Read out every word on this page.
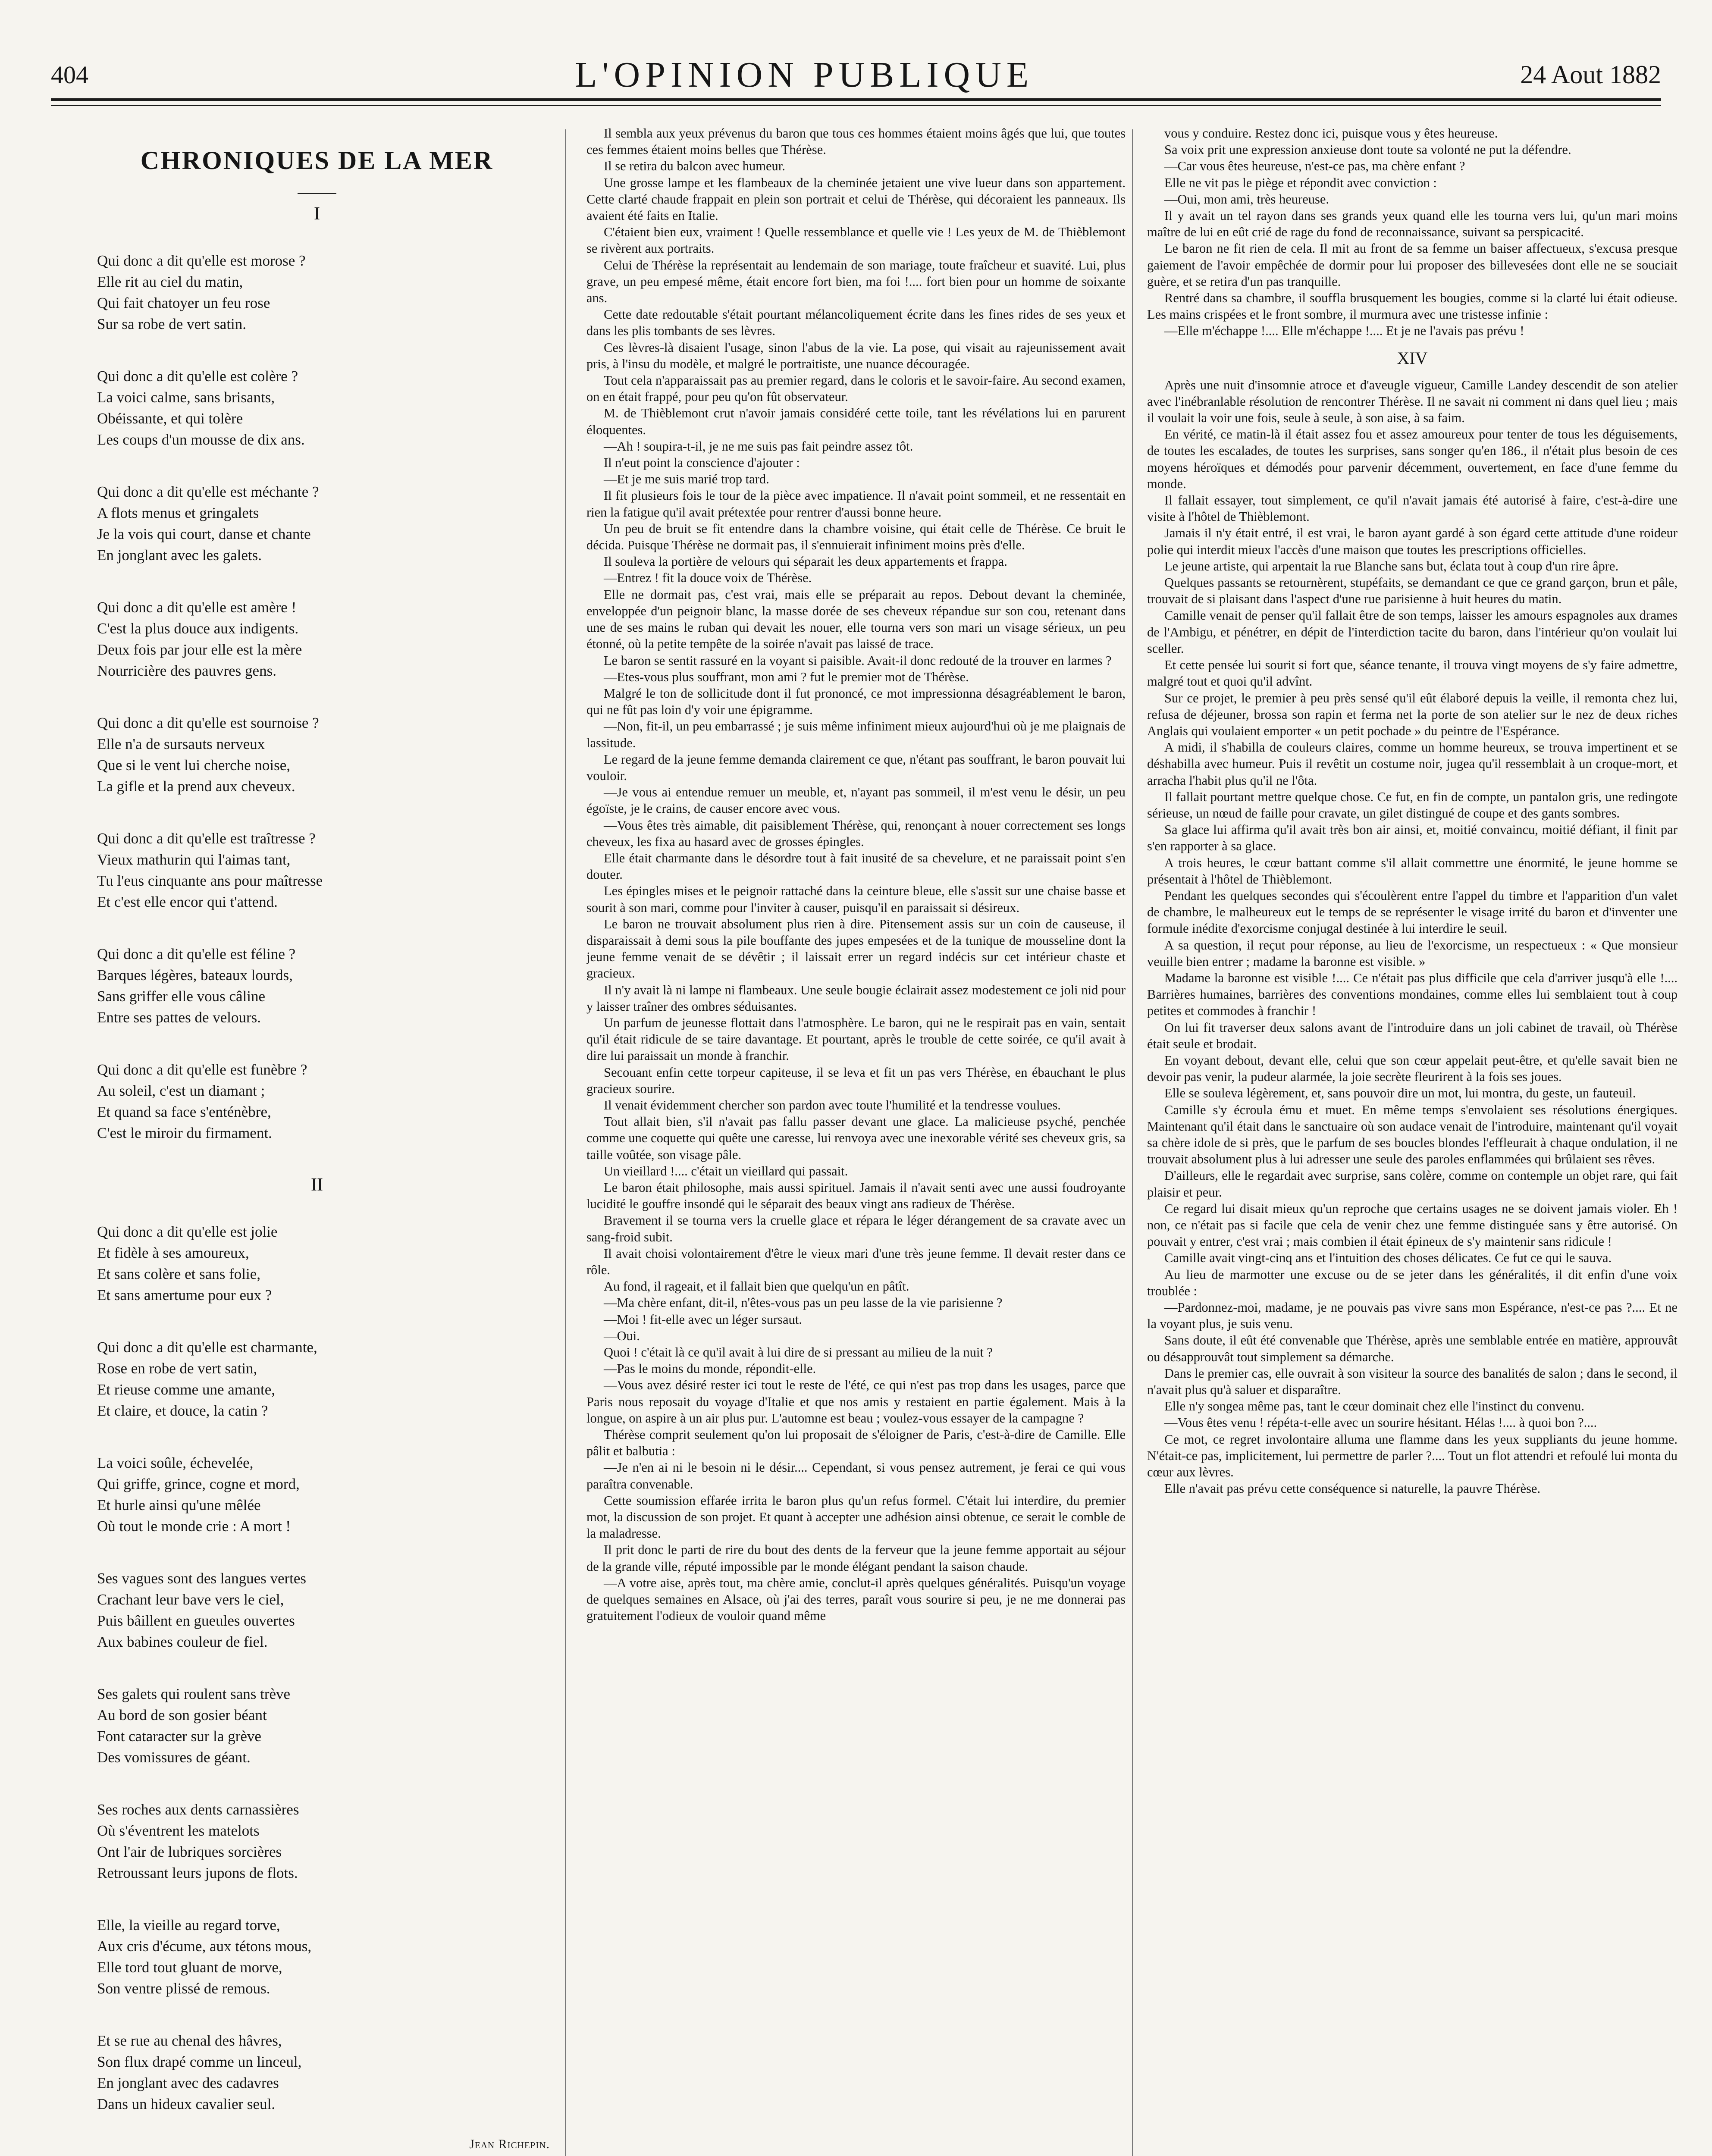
404	L'OPINION PUBLIQUE	24 Aout 1882
CHRONIQUES DE LA MER
I
Qui donc a dit qu'elle est morose ?
Elle rit au ciel du matin,
Qui fait chatoyer un feu rose
Sur sa robe de vert satin.
Qui donc a dit qu'elle est colère ?
La voici calme, sans brisants,
Obéissante, et qui tolère
Les coups d'un mousse de dix ans.
Qui donc a dit qu'elle est méchante ?
A flots menus et gringalets
Je la vois qui court, danse et chante
En jonglant avec les galets.
Qui donc a dit qu'elle est amère !
C'est la plus douce aux indigents.
Deux fois par jour elle est la mère
Nourricière des pauvres gens.
Qui donc a dit qu'elle est sournoise ?
Elle n'a de sursauts nerveux
Que si le vent lui cherche noise,
La gifle et la prend aux cheveux.
Qui donc a dit qu'elle est traîtresse ?
Vieux mathurin qui l'aimas tant,
Tu l'eus cinquante ans pour maîtresse
Et c'est elle encor qui t'attend.
Qui donc a dit qu'elle est féline ?
Barques légères, bateaux lourds,
Sans griffer elle vous câline
Entre ses pattes de velours.
Qui donc a dit qu'elle est funèbre ?
Au soleil, c'est un diamant ;
Et quand sa face s'enténèbre,
C'est le miroir du firmament.
II
Qui donc a dit qu'elle est jolie
Et fidèle à ses amoureux,
Et sans colère et sans folie,
Et sans amertume pour eux ?
Qui donc a dit qu'elle est charmante,
Rose en robe de vert satin,
Et rieuse comme une amante,
Et claire, et douce, la catin ?
La voici soûle, échevelée,
Qui griffe, grince, cogne et mord,
Et hurle ainsi qu'une mêlée
Où tout le monde crie : A mort !
Ses vagues sont des langues vertes
Crachant leur bave vers le ciel,
Puis bâillent en gueules ouvertes
Aux babines couleur de fiel.
Ses galets qui roulent sans trève
Au bord de son gosier béant
Font cataracter sur la grève
Des vomissures de géant.
Ses roches aux dents carnassières
Où s'éventrent les matelots
Ont l'air de lubriques sorcières
Retroussant leurs jupons de flots.
Elle, la vieille au regard torve,
Aux cris d'écume, aux tétons mous,
Elle tord tout gluant de morve,
Son ventre plissé de remous.
Et se rue au chenal des hâvres,
Son flux drapé comme un linceul,
En jonglant avec des cadavres
Dans un hideux cavalier seul.
Jean Richepin.

Il sembla aux yeux prévenus du baron que tous ces hommes étaient moins âgés que lui, que toutes ces femmes étaient moins belles que Thérèse.

Il se retira du balcon avec humeur.

Une grosse lampe et les flambeaux de la cheminée jetaient une vive lueur dans son appartement. Cette clarté chaude frappait en plein son portrait et celui de Thérèse, qui décoraient les panneaux. Ils avaient été faits en Italie.

C'étaient bien eux, vraiment ! Quelle ressemblance et quelle vie ! Les yeux de M. de Thièblemont se rivèrent aux portraits.

Celui de Thérèse la représentait au lendemain de son mariage, toute fraîcheur et suavité. Lui, plus grave, un peu empesé même, était encore fort bien, ma foi !.... fort bien pour un homme de soixante ans.

Cette date redoutable s'était pourtant mélancoliquement écrite dans les fines rides de ses yeux et dans les plis tombants de ses lèvres.

Ces lèvres-là disaient l'usage, sinon l'abus de la vie. La pose, qui visait au rajeunissement avait pris, à l'insu du modèle, et malgré le portraitiste, une nuance découragée.

Tout cela n'apparaissait pas au premier regard, dans le coloris et le savoir-faire. Au second examen, on en était frappé, pour peu qu'on fût observateur.

M. de Thièblemont crut n'avoir jamais considéré cette toile, tant les révélations lui en parurent éloquentes.

—Ah ! soupira-t-il, je ne me suis pas fait peindre assez tôt.

Il n'eut point la conscience d'ajouter :

—Et je me suis marié trop tard.

Il fit plusieurs fois le tour de la pièce avec impatience. Il n'avait point sommeil, et ne ressentait en rien la fatigue qu'il avait prétextée pour rentrer d'aussi bonne heure.

Un peu de bruit se fit entendre dans la chambre voisine, qui était celle de Thérèse. Ce bruit le décida. Puisque Thérèse ne dormait pas, il s'ennuierait infiniment moins près d'elle.

Il souleva la portière de velours qui séparait les deux appartements et frappa.

—Entrez ! fit la douce voix de Thérèse.

Elle ne dormait pas, c'est vrai, mais elle se préparait au repos. Debout devant la cheminée, enveloppée d'un peignoir blanc, la masse dorée de ses cheveux répandue sur son cou, retenant dans une de ses mains le ruban qui devait les nouer, elle tourna vers son mari un visage sérieux, un peu étonné, où la petite tempête de la soirée n'avait pas laissé de trace.

Le baron se sentit rassuré en la voyant si paisible. Avait-il donc redouté de la trouver en larmes ?

—Etes-vous plus souffrant, mon ami ? fut le premier mot de Thérèse.

Malgré le ton de sollicitude dont il fut prononcé, ce mot impressionna désagréablement le baron, qui ne fût pas loin d'y voir une épigramme.

—Non, fit-il, un peu embarrassé ; je suis même infiniment mieux aujourd'hui où je me plaignais de lassitude.

Le regard de la jeune femme demanda clairement ce que, n'étant pas souffrant, le baron pouvait lui vouloir.

—Je vous ai entendue remuer un meuble, et, n'ayant pas sommeil, il m'est venu le désir, un peu égoïste, je le crains, de causer encore avec vous.

—Vous êtes très aimable, dit paisiblement Thérèse, qui, renonçant à nouer correctement ses longs cheveux, les fixa au hasard avec de grosses épingles.

Elle était charmante dans le désordre tout à fait inusité de sa chevelure, et ne paraissait point s'en douter.

Les épingles mises et le peignoir rattaché dans la ceinture bleue, elle s'assit sur une chaise basse et sourit à son mari, comme pour l'inviter à causer, puisqu'il en paraissait si désireux.

Le baron ne trouvait absolument plus rien à dire. Pitensement assis sur un coin de causeuse, il disparaissait à demi sous la pile bouffante des jupes empesées et de la tunique de mousseline dont la jeune femme venait de se dévêtir ; il laissait errer un regard indécis sur cet intérieur chaste et gracieux.

Il n'y avait là ni lampe ni flambeaux. Une seule bougie éclairait assez modestement ce joli nid pour y laisser traîner des ombres séduisantes.

Un parfum de jeunesse flottait dans l'atmosphère. Le baron, qui ne le respirait pas en vain, sentait qu'il était ridicule de se taire davantage. Et pourtant, après le trouble de cette soirée, ce qu'il avait à dire lui paraissait un monde à franchir.

Secouant enfin cette torpeur capiteuse, il se leva et fit un pas vers Thérèse, en ébauchant le plus gracieux sourire.

Il venait évidemment chercher son pardon avec toute l'humilité et la tendresse voulues.

Tout allait bien, s'il n'avait pas fallu passer devant une glace. La malicieuse psyché, penchée comme une coquette qui quête une caresse, lui renvoya avec une inexorable vérité ses cheveux gris, sa taille voûtée, son visage pâle.

Un vieillard !.... c'était un vieillard qui passait.

Le baron était philosophe, mais aussi spirituel. Jamais il n'avait senti avec une aussi foudroyante lucidité le gouffre insondé qui le séparait des beaux vingt ans radieux de Thérèse.

Bravement il se tourna vers la cruelle glace et répara le léger dérangement de sa cravate avec un sang-froid subit.

Il avait choisi volontairement d'être le vieux mari d'une très jeune femme. Il devait rester dans ce rôle.

Au fond, il rageait, et il fallait bien que quelqu'un en pâtît.

—Ma chère enfant, dit-il, n'êtes-vous pas un peu lasse de la vie parisienne ?

—Moi ! fit-elle avec un léger sursaut.

—Oui.

Quoi ! c'était là ce qu'il avait à lui dire de si pressant au milieu de la nuit ?

—Pas le moins du monde, répondit-elle.

—Vous avez désiré rester ici tout le reste de l'été, ce qui n'est pas trop dans les usages, parce que Paris nous reposait du voyage d'Italie et que nos amis y restaient en partie également. Mais à la longue, on aspire à un air plus pur. L'automne est beau ; voulez-vous essayer de la campagne ?

Thérèse comprit seulement qu'on lui proposait de s'éloigner de Paris, c'est-à-dire de Camille. Elle pâlit et balbutia :

—Je n'en ai ni le besoin ni le désir.... Cependant, si vous pensez autrement, je ferai ce qui vous paraîtra convenable.

Cette soumission effarée irrita le baron plus qu'un refus formel. C'était lui interdire, du premier mot, la discussion de son projet. Et quant à accepter une adhésion ainsi obtenue, ce serait le comble de la maladresse.

Il prit donc le parti de rire du bout des dents de la ferveur que la jeune femme apportait au séjour de la grande ville, réputé impossible par le monde élégant pendant la saison chaude.

—A votre aise, après tout, ma chère amie, conclut-il après quelques généralités. Puisqu'un voyage de quelques semaines en Alsace, où j'ai des terres, paraît vous sourire si peu, je ne me donnerai pas gratuitement l'odieux de vouloir quand même

vous y conduire. Restez donc ici, puisque vous y êtes heureuse.

Sa voix prit une expression anxieuse dont toute sa volonté ne put la défendre.

—Car vous êtes heureuse, n'est-ce pas, ma chère enfant ?

Elle ne vit pas le piège et répondit avec conviction :

—Oui, mon ami, très heureuse.

Il y avait un tel rayon dans ses grands yeux quand elle les tourna vers lui, qu'un mari moins maître de lui en eût crié de rage du fond de reconnaissance, suivant sa perspicacité.

Le baron ne fit rien de cela. Il mit au front de sa femme un baiser affectueux, s'excusa presque gaiement de l'avoir empêchée de dormir pour lui proposer des billevesées dont elle ne se souciait guère, et se retira d'un pas tranquille.

Rentré dans sa chambre, il souffla brusquement les bougies, comme si la clarté lui était odieuse. Les mains crispées et le front sombre, il murmura avec une tristesse infinie :

—Elle m'échappe !.... Elle m'échappe !.... Et je ne l'avais pas prévu !

XIV

Après une nuit d'insomnie atroce et d'aveugle vigueur, Camille Landey descendit de son atelier avec l'inébranlable résolution de rencontrer Thérèse. Il ne savait ni comment ni dans quel lieu ; mais il voulait la voir une fois, seule à seule, à son aise, à sa faim.

En vérité, ce matin-là il était assez fou et assez amoureux pour tenter de tous les déguisements, de toutes les escalades, de toutes les surprises, sans songer qu'en 186., il n'était plus besoin de ces moyens héroïques et démodés pour parvenir décemment, ouvertement, en face d'une femme du monde.

Il fallait essayer, tout simplement, ce qu'il n'avait jamais été autorisé à faire, c'est-à-dire une visite à l'hôtel de Thièblemont.

Jamais il n'y était entré, il est vrai, le baron ayant gardé à son égard cette attitude d'une roideur polie qui interdit mieux l'accès d'une maison que toutes les prescriptions officielles.

Le jeune artiste, qui arpentait la rue Blanche sans but, éclata tout à coup d'un rire âpre.

Quelques passants se retournèrent, stupéfaits, se demandant ce que ce grand garçon, brun et pâle, trouvait de si plaisant dans l'aspect d'une rue parisienne à huit heures du matin.

Camille venait de penser qu'il fallait être de son temps, laisser les amours espagnoles aux drames de l'Ambigu, et pénétrer, en dépit de l'interdiction tacite du baron, dans l'intérieur qu'on voulait lui sceller.

Et cette pensée lui sourit si fort que, séance tenante, il trouva vingt moyens de s'y faire admettre, malgré tout et quoi qu'il advînt.

Sur ce projet, le premier à peu près sensé qu'il eût élaboré depuis la veille, il remonta chez lui, refusa de déjeuner, brossa son rapin et ferma net la porte de son atelier sur le nez de deux riches Anglais qui voulaient emporter « un petit pochade » du peintre de l'Espérance.

A midi, il s'habilla de couleurs claires, comme un homme heureux, se trouva impertinent et se déshabilla avec humeur. Puis il revêtit un costume noir, jugea qu'il ressemblait à un croque-mort, et arracha l'habit plus qu'il ne l'ôta.

Il fallait pourtant mettre quelque chose. Ce fut, en fin de compte, un pantalon gris, une redingote sérieuse, un nœud de faille pour cravate, un gilet distingué de coupe et des gants sombres.

Sa glace lui affirma qu'il avait très bon air ainsi, et, moitié convaincu, moitié défiant, il finit par s'en rapporter à sa glace.

A trois heures, le cœur battant comme s'il allait commettre une énormité, le jeune homme se présentait à l'hôtel de Thièblemont.

Pendant les quelques secondes qui s'écoulèrent entre l'appel du timbre et l'apparition d'un valet de chambre, le malheureux eut le temps de se représenter le visage irrité du baron et d'inventer une formule inédite d'exorcisme conjugal destinée à lui interdire le seuil.

A sa question, il reçut pour réponse, au lieu de l'exorcisme, un respectueux : « Que monsieur veuille bien entrer ; madame la baronne est visible. »

Madame la baronne est visible !.... Ce n'était pas plus difficile que cela d'arriver jusqu'à elle !.... Barrières humaines, barrières des conventions mondaines, comme elles lui semblaient tout à coup petites et commodes à franchir !

On lui fit traverser deux salons avant de l'introduire dans un joli cabinet de travail, où Thérèse était seule et brodait.

En voyant debout, devant elle, celui que son cœur appelait peut-être, et qu'elle savait bien ne devoir pas venir, la pudeur alarmée, la joie secrète fleurirent à la fois ses joues.

Elle se souleva légèrement, et, sans pouvoir dire un mot, lui montra, du geste, un fauteuil.

Camille s'y écroula ému et muet. En même temps s'envolaient ses résolutions énergiques. Maintenant qu'il était dans le sanctuaire où son audace venait de l'introduire, maintenant qu'il voyait sa chère idole de si près, que le parfum de ses boucles blondes l'effleurait à chaque ondulation, il ne trouvait absolument plus à lui adresser une seule des paroles enflammées qui brûlaient ses rêves.

D'ailleurs, elle le regardait avec surprise, sans colère, comme on contemple un objet rare, qui fait plaisir et peur.

Ce regard lui disait mieux qu'un reproche que certains usages ne se doivent jamais violer. Eh ! non, ce n'était pas si facile que cela de venir chez une femme distinguée sans y être autorisé. On pouvait y entrer, c'est vrai ; mais combien il était épineux de s'y maintenir sans ridicule !

Camille avait vingt-cinq ans et l'intuition des choses délicates. Ce fut ce qui le sauva.

Au lieu de marmotter une excuse ou de se jeter dans les généralités, il dit enfin d'une voix troublée :

—Pardonnez-moi, madame, je ne pouvais pas vivre sans mon Espérance, n'est-ce pas ?.... Et ne la voyant plus, je suis venu.

Sans doute, il eût été convenable que Thérèse, après une semblable entrée en matière, approuvât ou désapprouvât tout simplement sa démarche.

Dans le premier cas, elle ouvrait à son visiteur la source des banalités de salon ; dans le second, il n'avait plus qu'à saluer et disparaître.

Elle n'y songea même pas, tant le cœur dominait chez elle l'instinct du convenu.

—Vous êtes venu ! répéta-t-elle avec un sourire hésitant. Hélas !.... à quoi bon ?....

Ce mot, ce regret involontaire alluma une flamme dans les yeux suppliants du jeune homme. N'était-ce pas, implicitement, lui permettre de parler ?.... Tout un flot attendri et refoulé lui monta du cœur aux lèvres.

Elle n'avait pas prévu cette conséquence si naturelle, la pauvre Thérèse.
